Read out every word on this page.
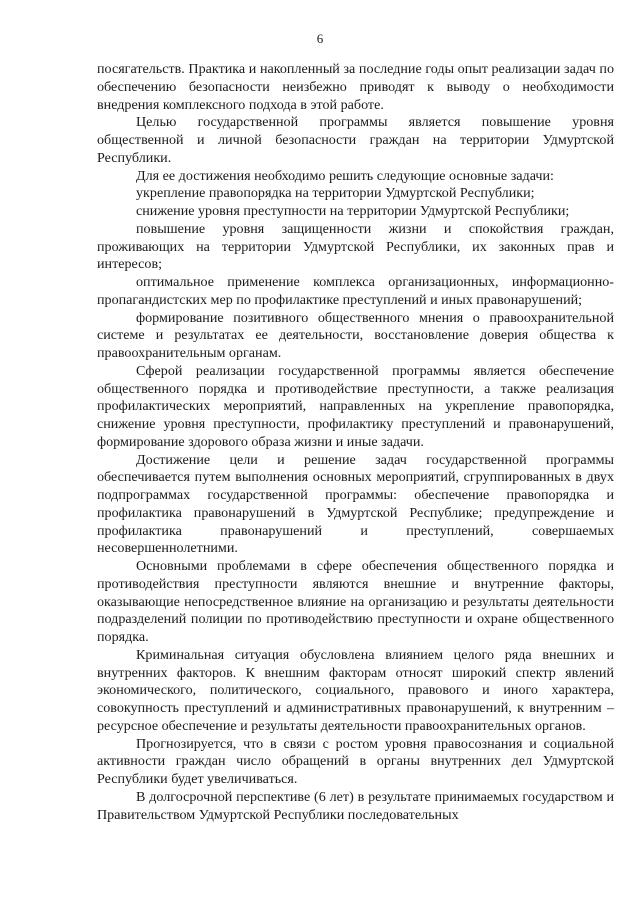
6

посягательств. Практика и накопленный за последние годы опыт реализации задач по обеспечению безопасности неизбежно приводят к выводу о необходимости внедрения комплексного подхода в этой работе.

Целью государственной программы является повышение уровня общественной и личной безопасности граждан на территории Удмуртской Республики.

Для ее достижения необходимо решить следующие основные задачи:

укрепление правопорядка на территории Удмуртской Республики;

снижение уровня преступности на территории Удмуртской Республики;

повышение уровня защищенности жизни и спокойствия граждан, проживающих на территории Удмуртской Республики, их законных прав и интересов;

оптимальное применение комплекса организационных, информационно-пропагандистских мер по профилактике преступлений и иных правонарушений;

формирование позитивного общественного мнения о правоохранительной системе и результатах ее деятельности, восстановление доверия общества к правоохранительным органам.

Сферой реализации государственной программы является обеспечение общественного порядка и противодействие преступности, а также реализация профилактических мероприятий, направленных на укрепление правопорядка, снижение уровня преступности, профилактику преступлений и правонарушений, формирование здорового образа жизни и иные задачи.

Достижение цели и решение задач государственной программы обеспечивается путем выполнения основных мероприятий, сгруппированных в двух подпрограммах государственной программы: обеспечение правопорядка и профилактика правонарушений в Удмуртской Республике; предупреждение и профилактика правонарушений и преступлений, совершаемых несовершеннолетними.

Основными проблемами в сфере обеспечения общественного порядка и противодействия преступности являются внешние и внутренние факторы, оказывающие непосредственное влияние на организацию и результаты деятельности подразделений полиции по противодействию преступности и охране общественного порядка.

Криминальная ситуация обусловлена влиянием целого ряда внешних и внутренних факторов. К внешним факторам относят широкий спектр явлений экономического, политического, социального, правового и иного характера, совокупность преступлений и административных правонарушений, к внутренним – ресурсное обеспечение и результаты деятельности правоохранительных органов.

Прогнозируется, что в связи с ростом уровня правосознания и социальной активности граждан число обращений в органы внутренних дел Удмуртской Республики будет увеличиваться.

В долгосрочной перспективе (6 лет) в результате принимаемых государством и Правительством Удмуртской Республики последовательных
